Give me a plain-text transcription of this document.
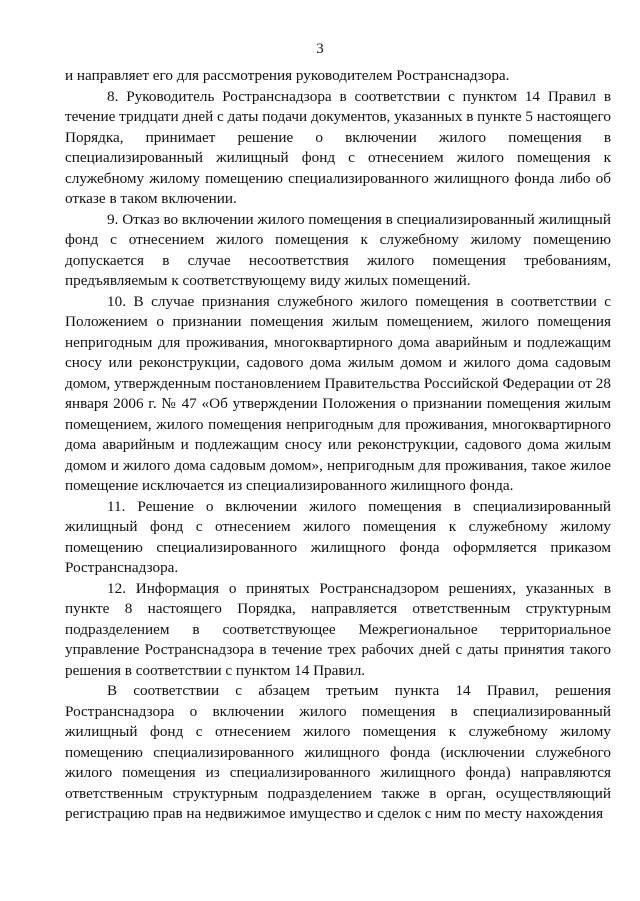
3

и направляет его для рассмотрения руководителем Ространснадзора.

8. Руководитель Ространснадзора в соответствии с пунктом 14 Правил в течение тридцати дней с даты подачи документов, указанных в пункте 5 настоящего Порядка, принимает решение о включении жилого помещения в специализированный жилищный фонд с отнесением жилого помещения к служебному жилому помещению специализированного жилищного фонда либо об отказе в таком включении.

9. Отказ во включении жилого помещения в специализированный жилищный фонд с отнесением жилого помещения к служебному жилому помещению допускается в случае несоответствия жилого помещения требованиям, предъявляемым к соответствующему виду жилых помещений.

10. В случае признания служебного жилого помещения в соответствии с Положением о признании помещения жилым помещением, жилого помещения непригодным для проживания, многоквартирного дома аварийным и подлежащим сносу или реконструкции, садового дома жилым домом и жилого дома садовым домом, утвержденным постановлением Правительства Российской Федерации от 28 января 2006 г. № 47 «Об утверждении Положения о признании помещения жилым помещением, жилого помещения непригодным для проживания, многоквартирного дома аварийным и подлежащим сносу или реконструкции, садового дома жилым домом и жилого дома садовым домом», непригодным для проживания, такое жилое помещение исключается из специализированного жилищного фонда.

11. Решение о включении жилого помещения в специализированный жилищный фонд с отнесением жилого помещения к служебному жилому помещению специализированного жилищного фонда оформляется приказом Ространснадзора.

12. Информация о принятых Ространснадзором решениях, указанных в пункте 8 настоящего Порядка, направляется ответственным структурным подразделением в соответствующее Межрегиональное территориальное управление Ространснадзора в течение трех рабочих дней с даты принятия такого решения в соответствии с пунктом 14 Правил.

В соответствии с абзацем третьим пункта 14 Правил, решения Ространснадзора о включении жилого помещения в специализированный жилищный фонд с отнесением жилого помещения к служебному жилому помещению специализированного жилищного фонда (исключении служебного жилого помещения из специализированного жилищного фонда) направляются ответственным структурным подразделением также в орган, осуществляющий регистрацию прав на недвижимое имущество и сделок с ним по месту нахождения
